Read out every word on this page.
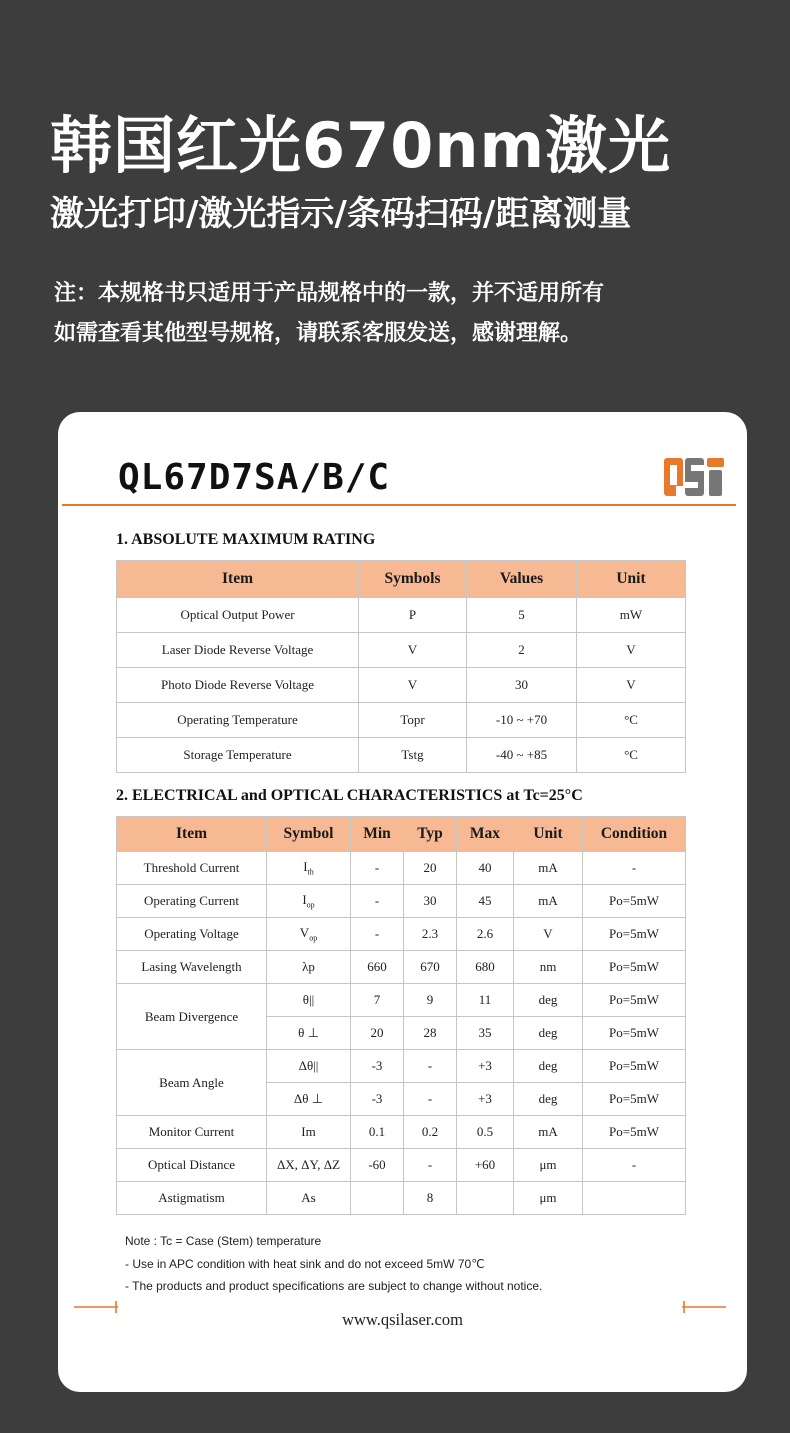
韩国红光670nm激光
激光打印/激光指示/条码扫码/距离测量
注：本规格书只适用于产品规格中的一款，并不适用所有
如需查看其他型号规格，请联系客服发送，感谢理解。
QL67D7SA/B/C
1. ABSOLUTE MAXIMUM RATING
Item	Symbols	Values	Unit
Optical Output Power	P	5	mW
Laser Diode Reverse Voltage	V	2	V
Photo Diode Reverse Voltage	V	30	V
Operating Temperature	Topr	-10 ~ +70	°C
Storage Temperature	Tstg	-40 ~ +85	°C
2. ELECTRICAL and OPTICAL CHARACTERISTICS at Tc=25°C
Item	Symbol	Min	Typ	Max	Unit	Condition
Threshold Current	$I_{th}$	-	20	40	mA	-
Operating Current	$I_{op}$	-	30	45	mA	Po=5mW
Operating Voltage	$V_{op}$	-	2.3	2.6	V	Po=5mW
Lasing Wavelength	λp	660	670	680	nm	Po=5mW
Beam Divergence	θ||	7	9	11	deg	Po=5mW
	θ ⊥	20	28	35	deg	Po=5mW
Beam Angle	Δθ||	-3	-	+3	deg	Po=5mW
	Δθ ⊥	-3	-	+3	deg	Po=5mW
Monitor Current	Im	0.1	0.2	0.5	mA	Po=5mW
Optical Distance	ΔX, ΔY, ΔZ	-60	-	+60	μm	-
Astigmatism	As		8		μm	
Note : Tc = Case (Stem) temperature
- Use in APC condition with heat sink and do not exceed 5mW 70℃
- The products and product specifications are subject to change without notice.
www.qsilaser.com
